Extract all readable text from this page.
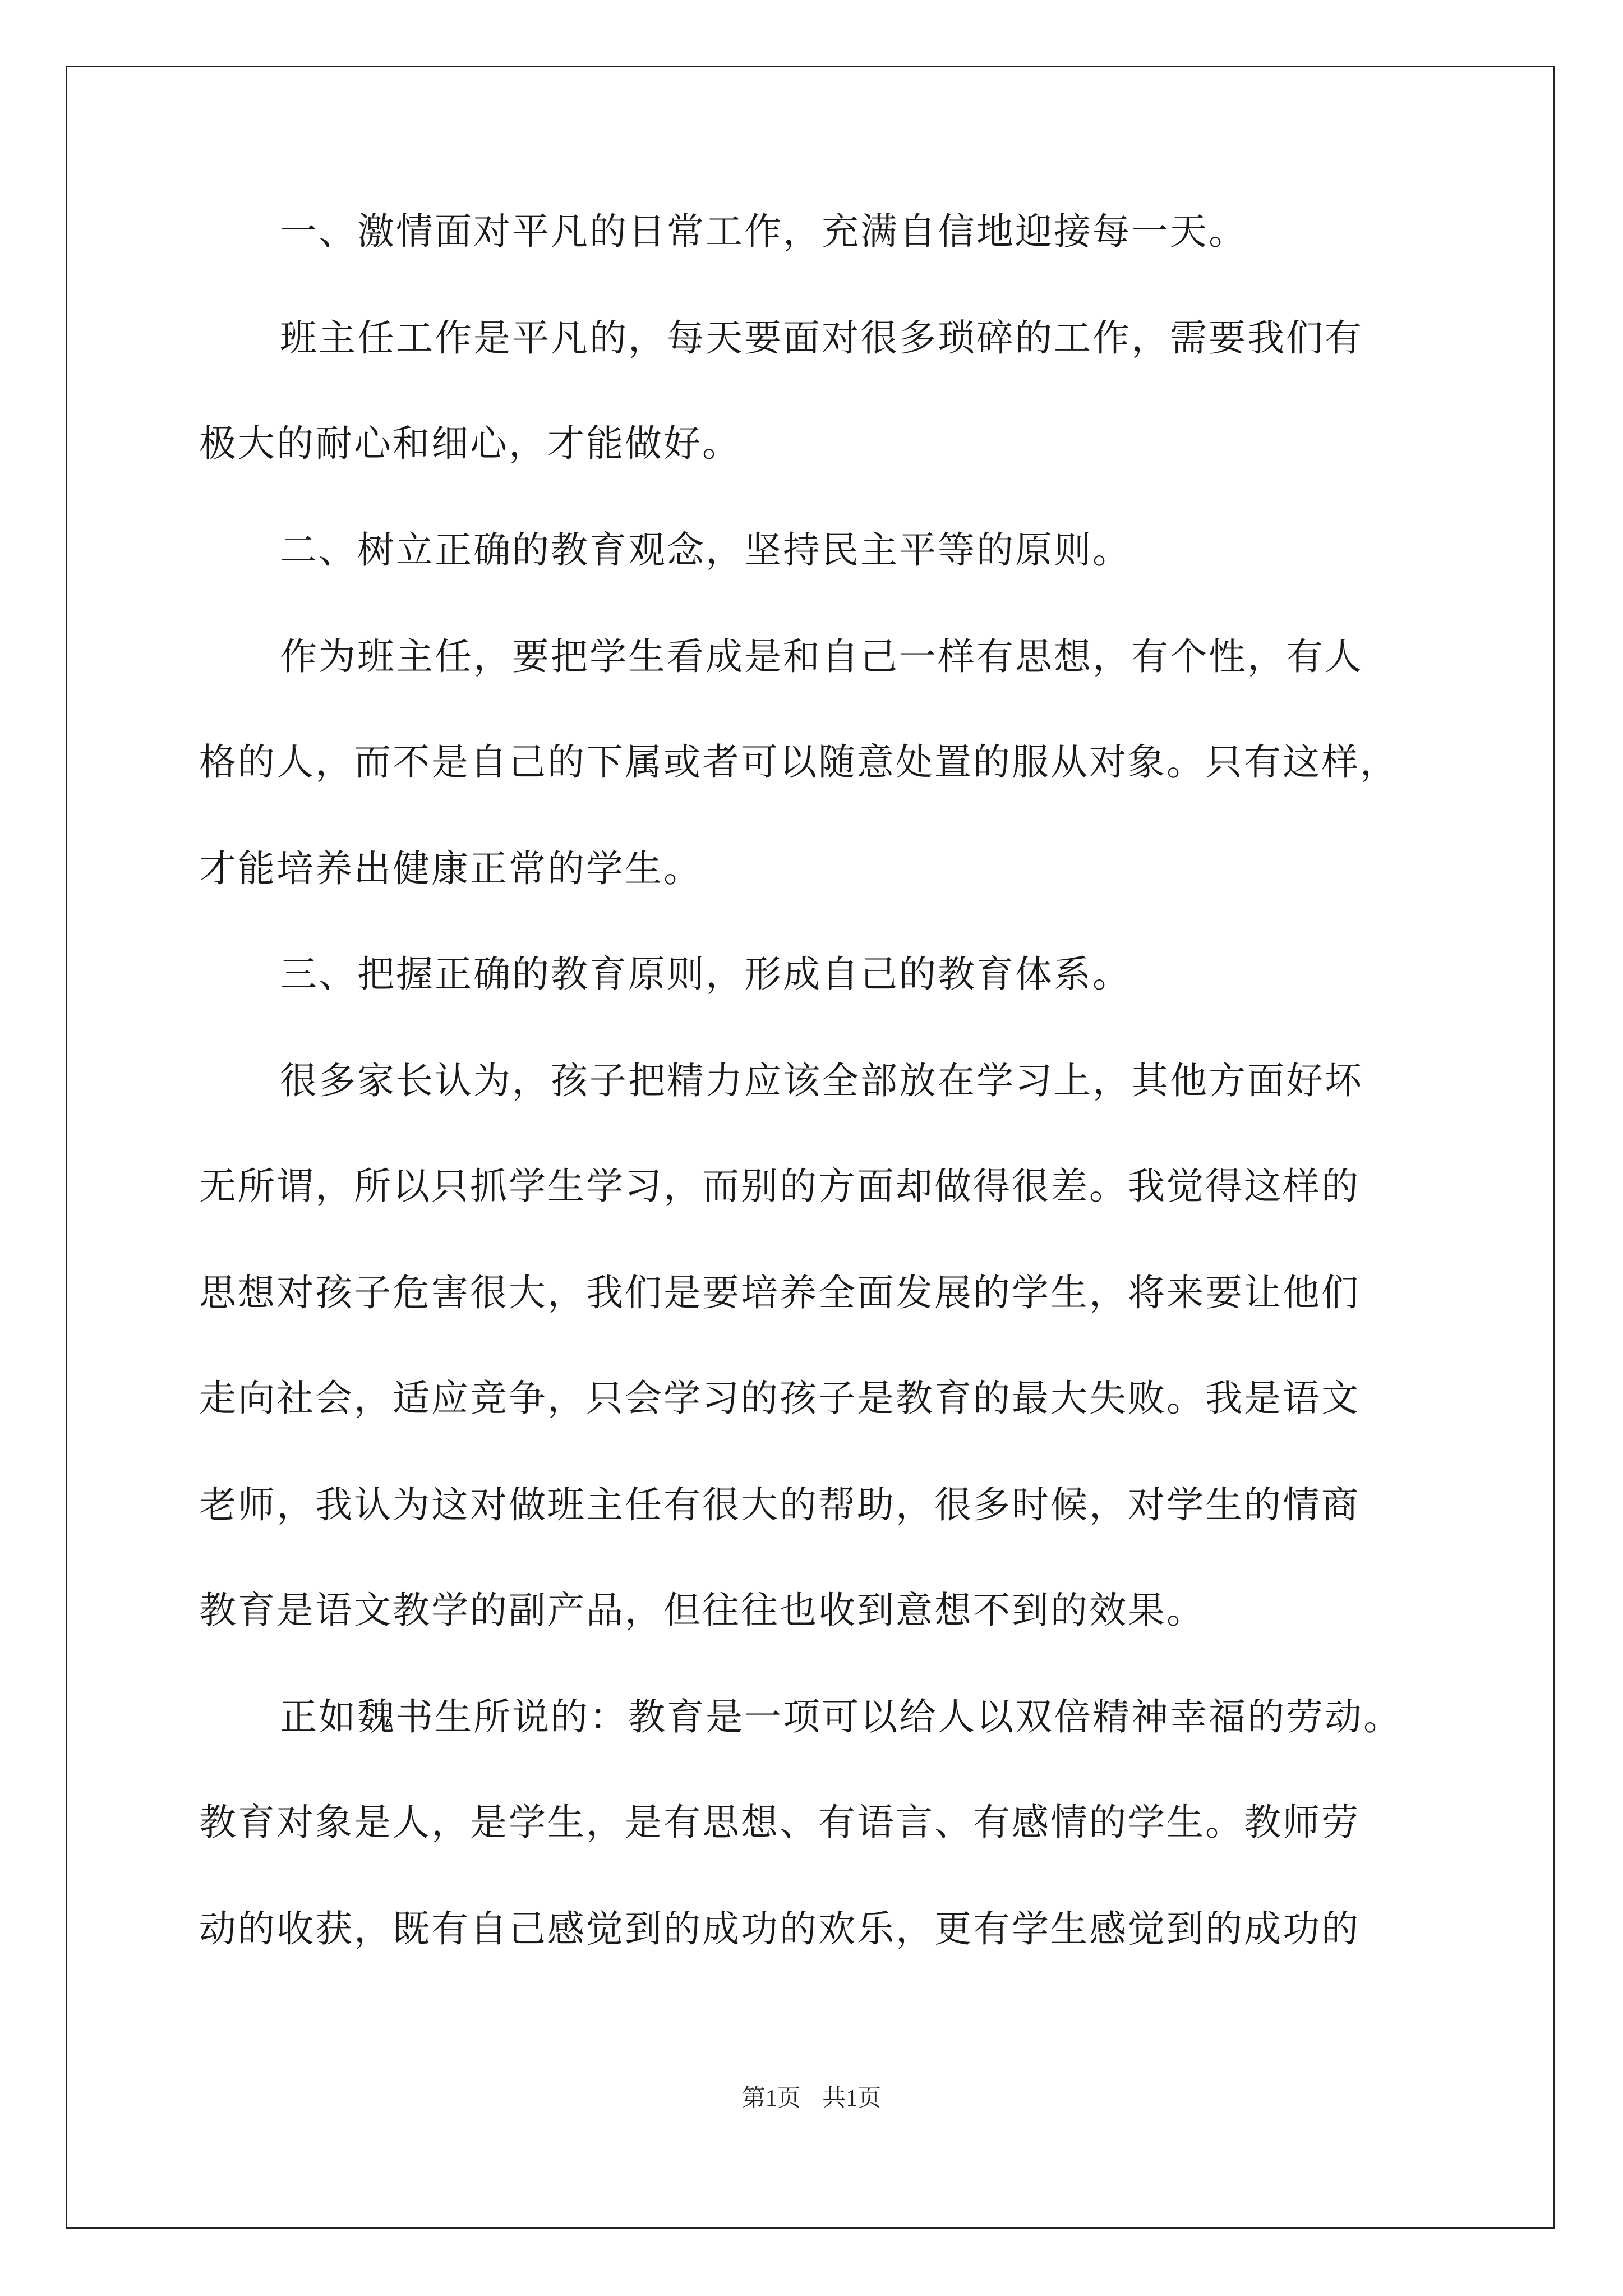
一、激情面对平凡的日常工作，充满自信地迎接每一天。
班主任工作是平凡的，每天要面对很多琐碎的工作，需要我们有
极大的耐心和细心，才能做好。
二、树立正确的教育观念，坚持民主平等的原则。
作为班主任，要把学生看成是和自己一样有思想，有个性，有人
格的人，而不是自己的下属或者可以随意处置的服从对象。只有这样，
才能培养出健康正常的学生。
三、把握正确的教育原则，形成自己的教育体系。
很多家长认为，孩子把精力应该全部放在学习上，其他方面好坏
无所谓，所以只抓学生学习，而别的方面却做得很差。我觉得这样的
思想对孩子危害很大，我们是要培养全面发展的学生，将来要让他们
走向社会，适应竞争，只会学习的孩子是教育的最大失败。我是语文
老师，我认为这对做班主任有很大的帮助，很多时候，对学生的情商
教育是语文教学的副产品，但往往也收到意想不到的效果。
正如魏书生所说的：教育是一项可以给人以双倍精神幸福的劳动。
教育对象是人，是学生，是有思想、有语言、有感情的学生。教师劳
动的收获，既有自己感觉到的成功的欢乐，更有学生感觉到的成功的
第1页 共1页
